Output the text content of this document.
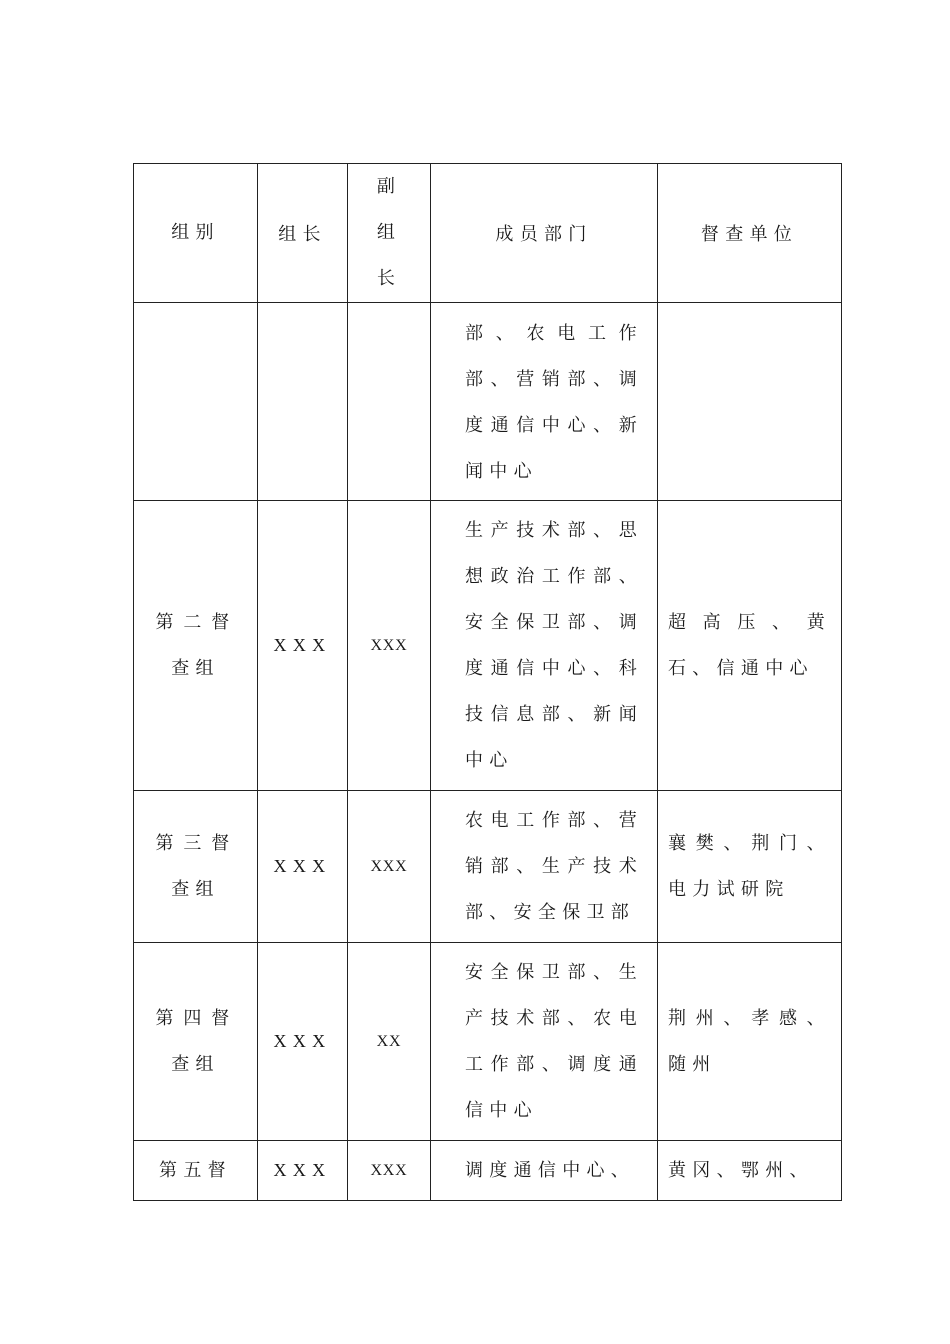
组别	组长	副组长	成员部门	督查单位

			部、农电工作部、营销部、调度通信中心、新闻中心	

第二督查组	XXX	XXX	生产技术部、思想政治工作部、安全保卫部、调度通信中心、科技信息部、新闻中心	超高压、黄石、信通中心

第三督查组	XXX	XXX	农电工作部、营销部、生产技术部、安全保卫部	襄樊、荆门、电力试研院

第四督查组	XXX	XX	安全保卫部、生产技术部、农电工作部、调度通信中心	荆州、孝感、随州

第五督	XXX	XXX	调度通信中心、	黄冈、鄂州、
